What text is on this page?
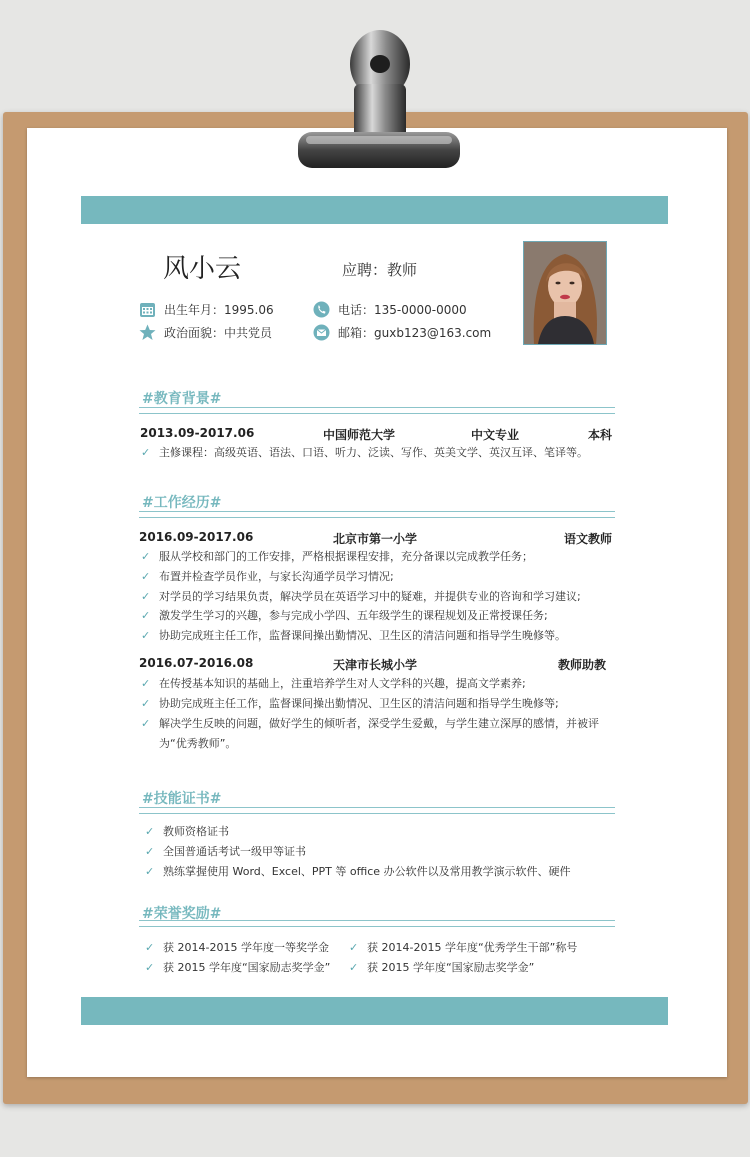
风小云	应聘：教师
出生年月：1995.06
政治面貌：中共党员
电话：135-0000-0000
邮箱：guxb123@163.com
#教育背景#
2013.09-2017.06	中国师范大学	中文专业	本科
✓ 主修课程：高级英语、语法、口语、听力、泛读、写作、英美文学、英汉互译、笔译等。
#工作经历#
2016.09-2017.06	北京市第一小学	语文教师
✓ 服从学校和部门的工作安排，严格根据课程安排，充分备课以完成教学任务；
✓ 布置并检查学员作业，与家长沟通学员学习情况;
✓ 对学员的学习结果负责，解决学员在英语学习中的疑难，并提供专业的咨询和学习建议;
✓ 激发学生学习的兴趣，参与完成小学四、五年级学生的课程规划及正常授课任务;
✓ 协助完成班主任工作，监督课间操出勤情况、卫生区的清洁问题和指导学生晚修等。
2016.07-2016.08	天津市长城小学	教师助教
✓ 在传授基本知识的基础上，注重培养学生对人文学科的兴趣，提高文学素养;
✓ 协助完成班主任工作，监督课间操出勤情况、卫生区的清洁问题和指导学生晚修等;
✓ 解决学生反映的问题，做好学生的倾听者，深受学生爱戴，与学生建立深厚的感情，并被评为“优秀教师”。
#技能证书#
✓ 教师资格证书
✓ 全国普通话考试一级甲等证书
✓ 熟练掌握使用 Word、Excel、PPT 等 office 办公软件以及常用教学演示软件、硬件
#荣誉奖励#
✓ 获 2014-2015 学年度一等奖学金
✓ 获 2015 学年度“国家励志奖学金”
✓ 获 2014-2015 学年度“优秀学生干部”称号
✓ 获 2015 学年度“国家励志奖学金”
